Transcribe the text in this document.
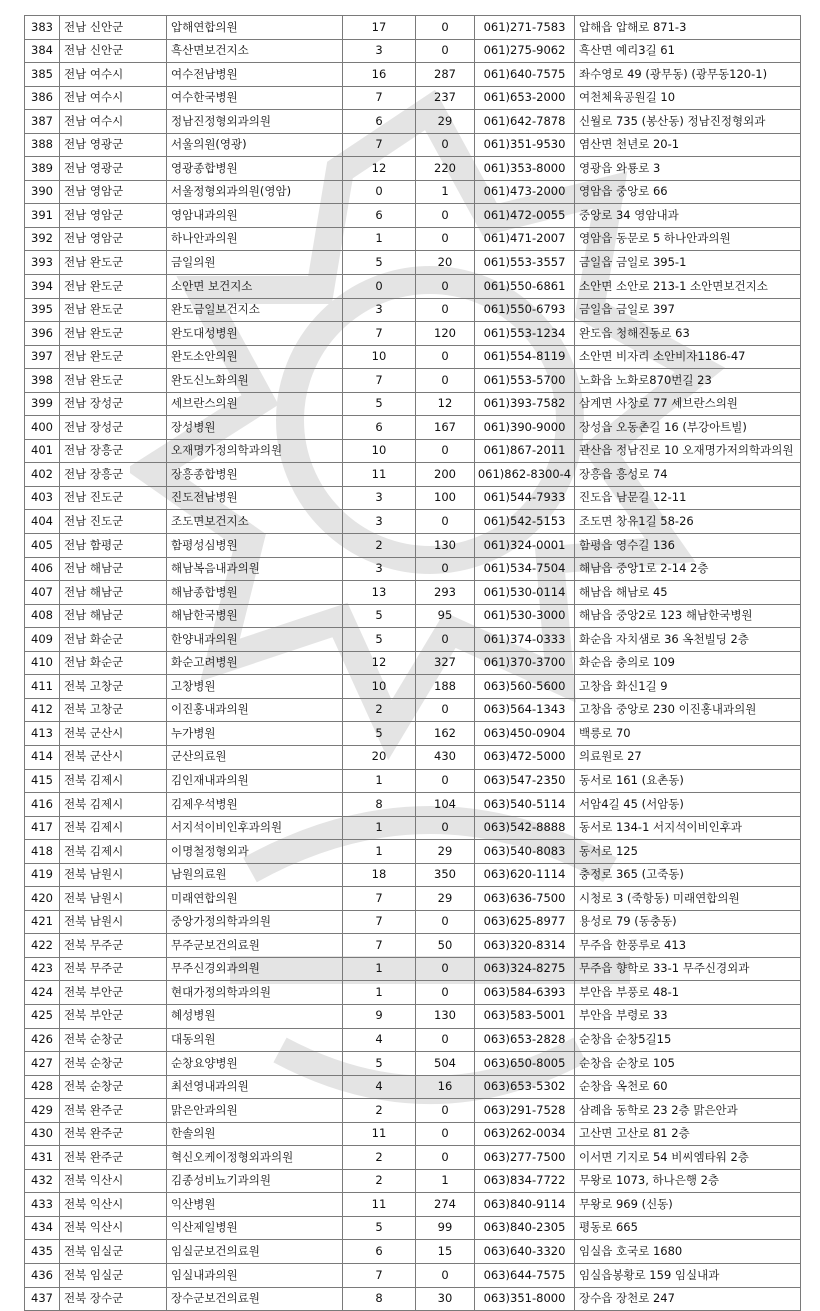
383	전남 신안군	압해연합의원	17	0	061)271-7583	압해읍 압해로 871-3
384	전남 신안군	흑산면보건지소	3	0	061)275-9062	흑산면 예리3길 61
385	전남 여수시	여수전남병원	16	287	061)640-7575	좌수영로 49 (광무동) (광무동120-1)
386	전남 여수시	여수한국병원	7	237	061)653-2000	여천체육공원길 10
387	전남 여수시	정남진정형외과의원	6	29	061)642-7878	신월로 735 (봉산동) 정남진정형외과
388	전남 영광군	서울의원(영광)	7	0	061)351-9530	염산면 천년로 20-1
389	전남 영광군	영광종합병원	12	220	061)353-8000	영광읍 와룡로 3
390	전남 영암군	서울정형외과의원(영암)	0	1	061)473-2000	영암읍 중앙로 66
391	전남 영암군	영암내과의원	6	0	061)472-0055	중앙로 34 영암내과
392	전남 영암군	하나안과의원	1	0	061)471-2007	영암읍 동문로 5 하나안과의원
393	전남 완도군	금일의원	5	20	061)553-3557	금일읍 금일로 395-1
394	전남 완도군	소안면 보건지소	0	0	061)550-6861	소안면 소안로 213-1 소안면보건지소
395	전남 완도군	완도금일보건지소	3	0	061)550-6793	금일읍 금일로 397
396	전남 완도군	완도대성병원	7	120	061)553-1234	완도읍 청해진동로 63
397	전남 완도군	완도소안의원	10	0	061)554-8119	소안면 비자리 소안비자1186-47
398	전남 완도군	완도신노화의원	7	0	061)553-5700	노화읍 노화로870번길 23
399	전남 장성군	세브란스의원	5	12	061)393-7582	삼계면 사창로 77 세브란스의원
400	전남 장성군	장성병원	6	167	061)390-9000	장성읍 오동촌길 16 (부강아트빌)
401	전남 장흥군	오재명가정의학과의원	10	0	061)867-2011	관산읍 정남진로 10 오재명가저의학과의원
402	전남 장흥군	장흥종합병원	11	200	061)862-8300-4	장흥읍 흥성로 74
403	전남 진도군	진도전남병원	3	100	061)544-7933	진도읍 남문길 12-11
404	전남 진도군	조도면보건지소	3	0	061)542-5153	조도면 창유1길 58-26
405	전남 함평군	함평성심병원	2	130	061)324-0001	함평읍 영수길 136
406	전남 해남군	해남복음내과의원	3	0	061)534-7504	해남읍 중앙1로 2-14 2층
407	전남 해남군	해남종합병원	13	293	061)530-0114	해남읍 해남로 45
408	전남 해남군	해남한국병원	5	95	061)530-3000	해남읍 중앙2로 123 해남한국병원
409	전남 화순군	한양내과의원	5	0	061)374-0333	화순읍 자치샘로 36 옥천빌딩 2층
410	전남 화순군	화순고려병원	12	327	061)370-3700	화순읍 충의로 109
411	전북 고창군	고창병원	10	188	063)560-5600	고창읍 화신1길 9
412	전북 고창군	이진홍내과의원	2	0	063)564-1343	고창읍 중앙로 230 이진홍내과의원
413	전북 군산시	누가병원	5	162	063)450-0904	백릉로 70
414	전북 군산시	군산의료원	20	430	063)472-5000	의료원로 27
415	전북 김제시	김인재내과의원	1	0	063)547-2350	동서로 161 (요촌동)
416	전북 김제시	김제우석병원	8	104	063)540-5114	서암4길 45 (서암동)
417	전북 김제시	서지석이비인후과의원	1	0	063)542-8888	동서로 134-1 서지석이비인후과
418	전북 김제시	이명철정형외과	1	29	063)540-8083	동서로 125
419	전북 남원시	남원의료원	18	350	063)620-1114	충정로 365 (고죽동)
420	전북 남원시	미래연합의원	7	29	063)636-7500	시청로 3 (죽항동) 미래연합의원
421	전북 남원시	중앙가정의학과의원	7	0	063)625-8977	용성로 79 (동충동)
422	전북 무주군	무주군보건의료원	7	50	063)320-8314	무주읍 한풍루로 413
423	전북 무주군	무주신경외과의원	1	0	063)324-8275	무주읍 향학로 33-1 무주신경외과
424	전북 부안군	현대가정의학과의원	1	0	063)584-6393	부안읍 부풍로 48-1
425	전북 부안군	혜성병원	9	130	063)583-5001	부안읍 부령로 33
426	전북 순창군	대동의원	4	0	063)653-2828	순창읍 순창5길15
427	전북 순창군	순창요양병원	5	504	063)650-8005	순창읍 순창로 105
428	전북 순창군	최선영내과의원	4	16	063)653-5302	순창읍 옥천로 60
429	전북 완주군	맑은안과의원	2	0	063)291-7528	삼례읍 동학로 23 2층 맑은안과
430	전북 완주군	한솔의원	11	0	063)262-0034	고산면 고산로 81 2층
431	전북 완주군	혁신오케이정형외과의원	2	0	063)277-7500	이서면 기지로 54 비씨엠타워 2층
432	전북 익산시	김종성비뇨기과의원	2	1	063)834-7722	무왕로 1073, 하나은행 2층
433	전북 익산시	익산병원	11	274	063)840-9114	무왕로 969 (신동)
434	전북 익산시	익산제일병원	5	99	063)840-2305	평동로 665
435	전북 임실군	임실군보건의료원	6	15	063)640-3320	임실읍 호국로 1680
436	전북 임실군	임실내과의원	7	0	063)644-7575	임실읍봉황로 159 임실내과
437	전북 장수군	장수군보건의료원	8	30	063)351-8000	장수읍 장천로 247
